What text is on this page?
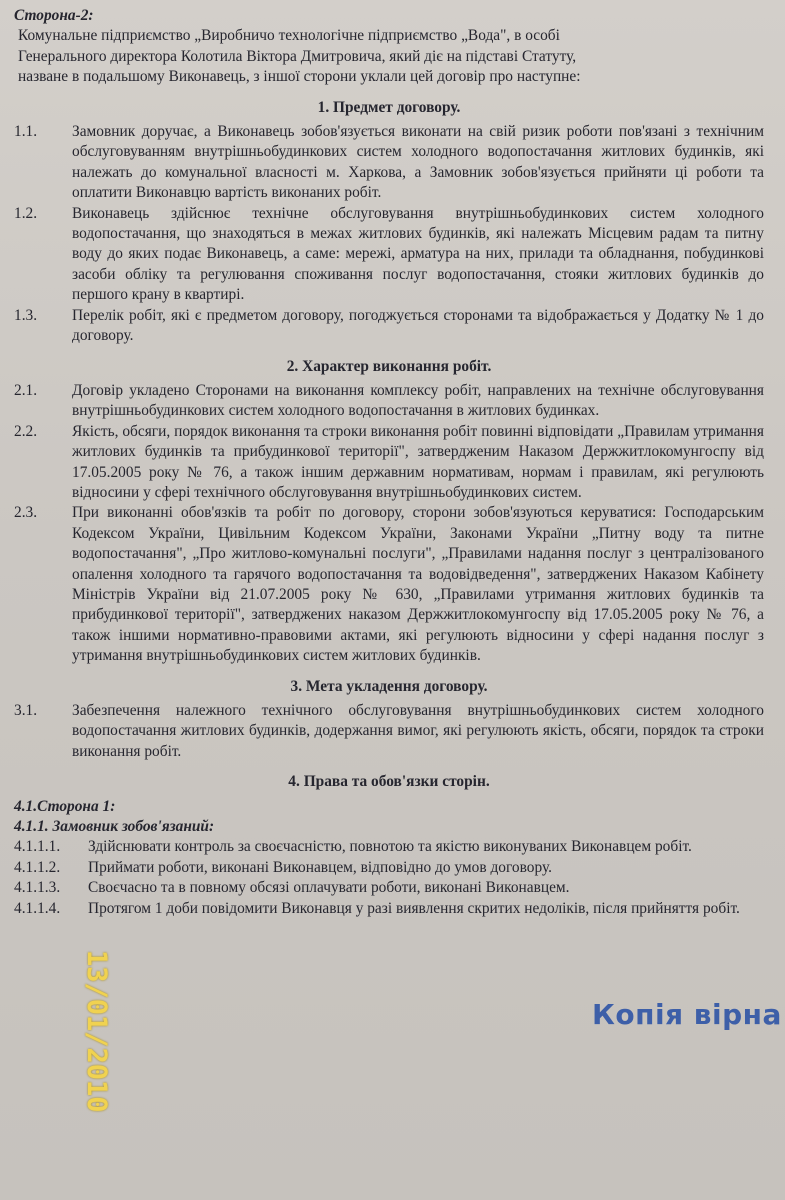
Сторона-2:

Комунальне підприємство „Виробничо технологічне підприємство „Вода", в особі

Генерального директора Колотила Віктора Дмитровича, який діє на підставі Статуту,

назване в подальшому Виконавець, з іншої сторони уклали цей договір про наступне:

1. Предмет договору.
1.1.	Замовник доручає, а Виконавець зобов'язується виконати на свій ризик роботи пов'язані з технічним обслуговуванням внутрішньобудинкових систем холодного водопостачання житлових будинків, які належать до комунальної власності м. Харкова, а Замовник зобов'язується прийняти ці роботи та оплатити Виконавцю вартість виконаних робіт.
1.2.	Виконавець здійснює технічне обслуговування внутрішньобудинкових систем холодного водопостачання, що знаходяться в межах житлових будинків, які належать Місцевим радам та питну воду до яких подає Виконавець, а саме: мережі, арматура на них, прилади та обладнання, побудинкові засоби обліку та регулювання споживання послуг водопостачання, стояки житлових будинків до першого крану в квартирі.
1.3.	Перелік робіт, які є предметом договору, погоджується сторонами та відображається у Додатку № 1 до договору.
2. Характер виконання робіт.
2.1.	Договір укладено Сторонами на виконання комплексу робіт, направлених на технічне обслуговування внутрішньобудинкових систем холодного водопостачання в житлових будинках.
2.2.	Якість, обсяги, порядок виконання та строки виконання робіт повинні відповідати „Правилам утримання житлових будинків та прибудинкової території", затвердженим Наказом Держжитлокомунгоспу від 17.05.2005 року № 76, а також іншим державним нормативам, нормам і правилам, які регулюють відносини у сфері технічного обслуговування внутрішньобудинкових систем.
2.3.	При виконанні обов'язків та робіт по договору, сторони зобов'язуються керуватися: Господарським Кодексом України, Цивільним Кодексом України, Законами України „Питну воду та питне водопостачання", „Про житлово-комунальні послуги", „Правилами надання послуг з централізованого опалення холодного та гарячого водопостачання та водовідведення", затверджених Наказом Кабінету Міністрів України від 21.07.2005 року № 630, „Правилами утримання житлових будинків та прибудинкової території", затверджених наказом Держжитлокомунгоспу від 17.05.2005 року № 76, а також іншими нормативно-правовими актами, які регулюють відносини у сфері надання послуг з утримання внутрішньобудинкових систем житлових будинків.
3. Мета укладення договору.
3.1.	Забезпечення належного технічного обслуговування внутрішньобудинкових систем холодного водопостачання житлових будинків, додержання вимог, які регулюють якість, обсяги, порядок та строки виконання робіт.
4. Права та обов'язки сторін.

4.1.Сторона 1:

4.1.1. Замовник зобов'язаний:

4.1.1.1.	Здійснювати контроль за своєчасністю, повнотою та якістю виконуваних Виконавцем робіт.
4.1.1.2.	Приймати роботи, виконані Виконавцем, відповідно до умов договору.
4.1.1.3.	Своєчасно та в повному обсязі оплачувати роботи, виконані Виконавцем.
4.1.1.4.	Протягом 1 доби повідомити Виконавця у разі виявлення скритих недоліків, після прийняття робіт.
Копія вірна
13/01/2010
